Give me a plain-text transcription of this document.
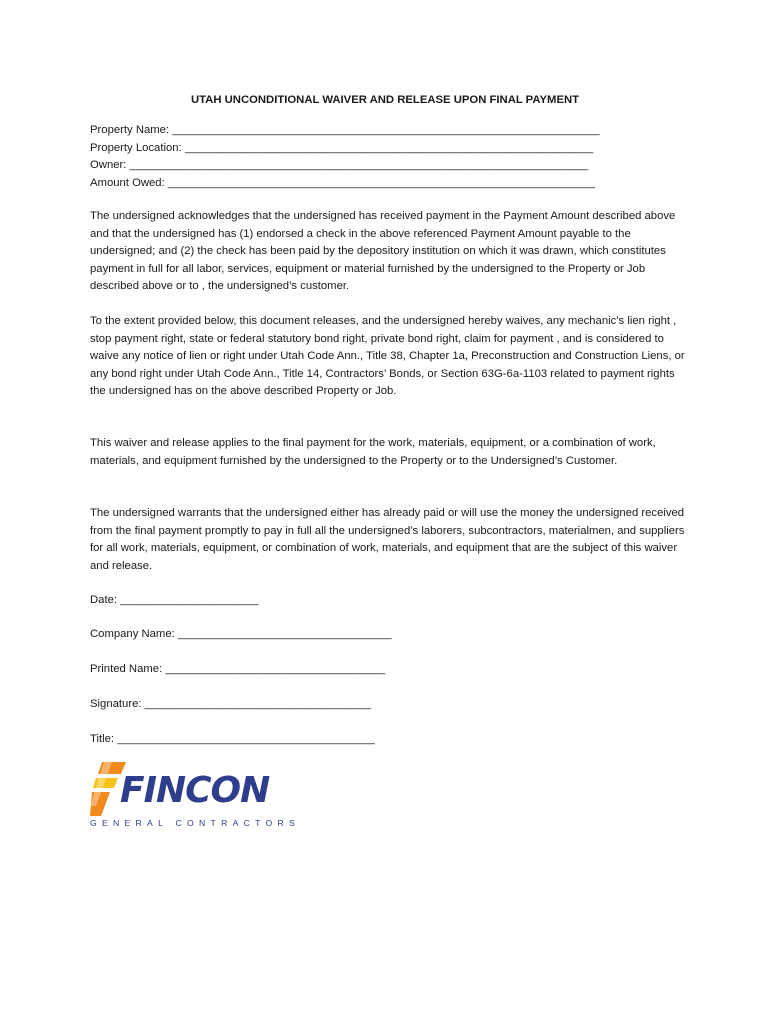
UTAH UNCONDITIONAL WAIVER AND RELEASE UPON FINAL PAYMENT
Property Name: ____________________________________________________________________
Property Location: _________________________________________________________________
Owner: _________________________________________________________________________
Amount Owed: ____________________________________________________________________

The undersigned acknowledges that the undersigned has received payment in the Payment Amount described above and that the undersigned has (1) endorsed a check in the above referenced Payment Amount payable to the undersigned; and (2) the check has been paid by the depository institution on which it was drawn, which constitutes payment in full for all labor, services, equipment or material furnished by the undersigned to the Property or Job described above or to , the undersigned’s customer.

To the extent provided below, this document releases, and the undersigned hereby waives, any mechanic’s lien right , stop payment right, state or federal statutory bond right, private bond right, claim for payment , and is considered to waive any notice of lien or right under Utah Code Ann., Title 38, Chapter 1a, Preconstruction and Construction Liens, or any bond right under Utah Code Ann., Title 14, Contractors’ Bonds, or Section 63G-6a-1103 related to payment rights the undersigned has on the above described Property or Job.

This waiver and release applies to the final payment for the work, materials, equipment, or a combination of work, materials, and equipment furnished by the undersigned to the Property or to the Undersigned’s Customer.

The undersigned warrants that the undersigned either has already paid or will use the money the undersigned received from the final payment promptly to pay in full all the undersigned’s laborers, subcontractors, materialmen, and suppliers for all work, materials, equipment, or combination of work, materials, and equipment that are the subject of this waiver and release.

Date: ______________________
Company Name: __________________________________
Printed Name: ___________________________________
Signature: ____________________________________
Title: _________________________________________
FINCON
GENERAL CONTRACTORS
